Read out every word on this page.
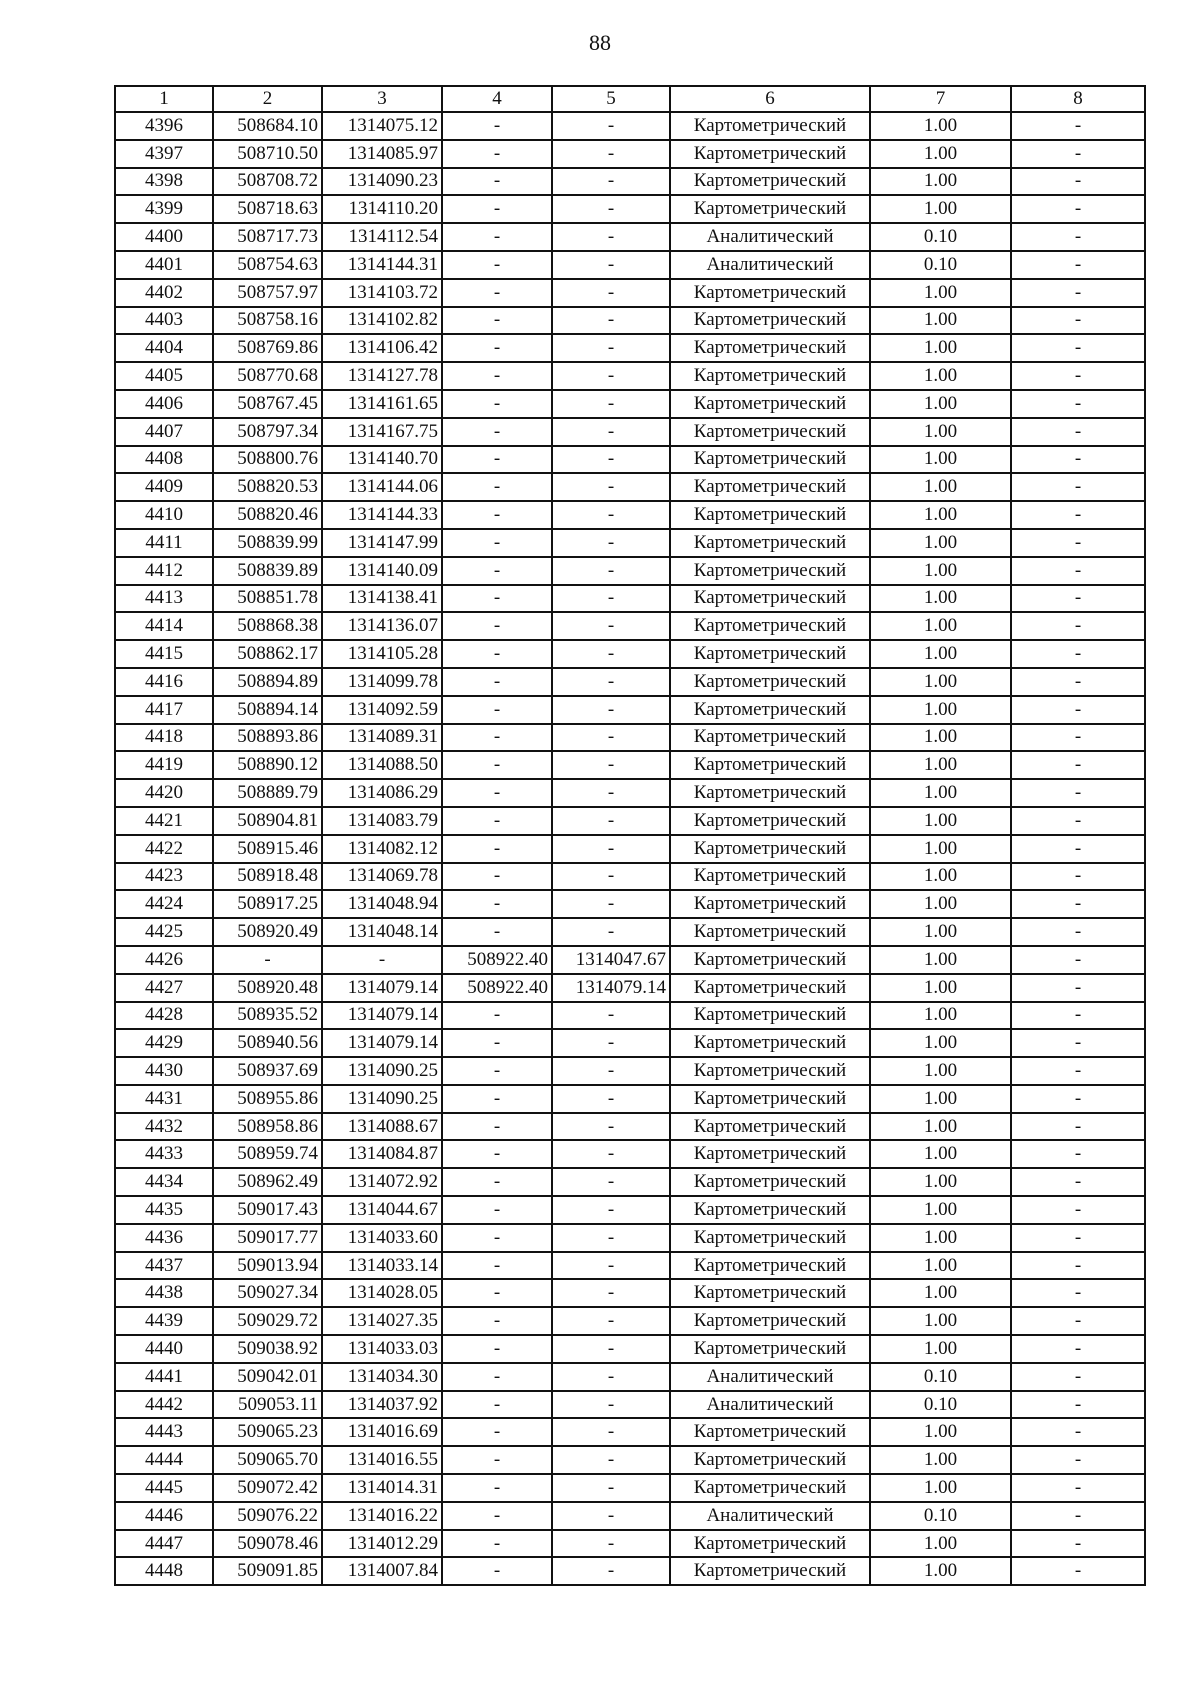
88
1	2	3	4	5	6	7	8
4396	508684.10	1314075.12	-	-	Картометрический	1.00	-
4397	508710.50	1314085.97	-	-	Картометрический	1.00	-
4398	508708.72	1314090.23	-	-	Картометрический	1.00	-
4399	508718.63	1314110.20	-	-	Картометрический	1.00	-
4400	508717.73	1314112.54	-	-	Аналитический	0.10	-
4401	508754.63	1314144.31	-	-	Аналитический	0.10	-
4402	508757.97	1314103.72	-	-	Картометрический	1.00	-
4403	508758.16	1314102.82	-	-	Картометрический	1.00	-
4404	508769.86	1314106.42	-	-	Картометрический	1.00	-
4405	508770.68	1314127.78	-	-	Картометрический	1.00	-
4406	508767.45	1314161.65	-	-	Картометрический	1.00	-
4407	508797.34	1314167.75	-	-	Картометрический	1.00	-
4408	508800.76	1314140.70	-	-	Картометрический	1.00	-
4409	508820.53	1314144.06	-	-	Картометрический	1.00	-
4410	508820.46	1314144.33	-	-	Картометрический	1.00	-
4411	508839.99	1314147.99	-	-	Картометрический	1.00	-
4412	508839.89	1314140.09	-	-	Картометрический	1.00	-
4413	508851.78	1314138.41	-	-	Картометрический	1.00	-
4414	508868.38	1314136.07	-	-	Картометрический	1.00	-
4415	508862.17	1314105.28	-	-	Картометрический	1.00	-
4416	508894.89	1314099.78	-	-	Картометрический	1.00	-
4417	508894.14	1314092.59	-	-	Картометрический	1.00	-
4418	508893.86	1314089.31	-	-	Картометрический	1.00	-
4419	508890.12	1314088.50	-	-	Картометрический	1.00	-
4420	508889.79	1314086.29	-	-	Картометрический	1.00	-
4421	508904.81	1314083.79	-	-	Картометрический	1.00	-
4422	508915.46	1314082.12	-	-	Картометрический	1.00	-
4423	508918.48	1314069.78	-	-	Картометрический	1.00	-
4424	508917.25	1314048.94	-	-	Картометрический	1.00	-
4425	508920.49	1314048.14	-	-	Картометрический	1.00	-
4426	-	-	508922.40	1314047.67	Картометрический	1.00	-
4427	508920.48	1314079.14	508922.40	1314079.14	Картометрический	1.00	-
4428	508935.52	1314079.14	-	-	Картометрический	1.00	-
4429	508940.56	1314079.14	-	-	Картометрический	1.00	-
4430	508937.69	1314090.25	-	-	Картометрический	1.00	-
4431	508955.86	1314090.25	-	-	Картометрический	1.00	-
4432	508958.86	1314088.67	-	-	Картометрический	1.00	-
4433	508959.74	1314084.87	-	-	Картометрический	1.00	-
4434	508962.49	1314072.92	-	-	Картометрический	1.00	-
4435	509017.43	1314044.67	-	-	Картометрический	1.00	-
4436	509017.77	1314033.60	-	-	Картометрический	1.00	-
4437	509013.94	1314033.14	-	-	Картометрический	1.00	-
4438	509027.34	1314028.05	-	-	Картометрический	1.00	-
4439	509029.72	1314027.35	-	-	Картометрический	1.00	-
4440	509038.92	1314033.03	-	-	Картометрический	1.00	-
4441	509042.01	1314034.30	-	-	Аналитический	0.10	-
4442	509053.11	1314037.92	-	-	Аналитический	0.10	-
4443	509065.23	1314016.69	-	-	Картометрический	1.00	-
4444	509065.70	1314016.55	-	-	Картометрический	1.00	-
4445	509072.42	1314014.31	-	-	Картометрический	1.00	-
4446	509076.22	1314016.22	-	-	Аналитический	0.10	-
4447	509078.46	1314012.29	-	-	Картометрический	1.00	-
4448	509091.85	1314007.84	-	-	Картометрический	1.00	-
